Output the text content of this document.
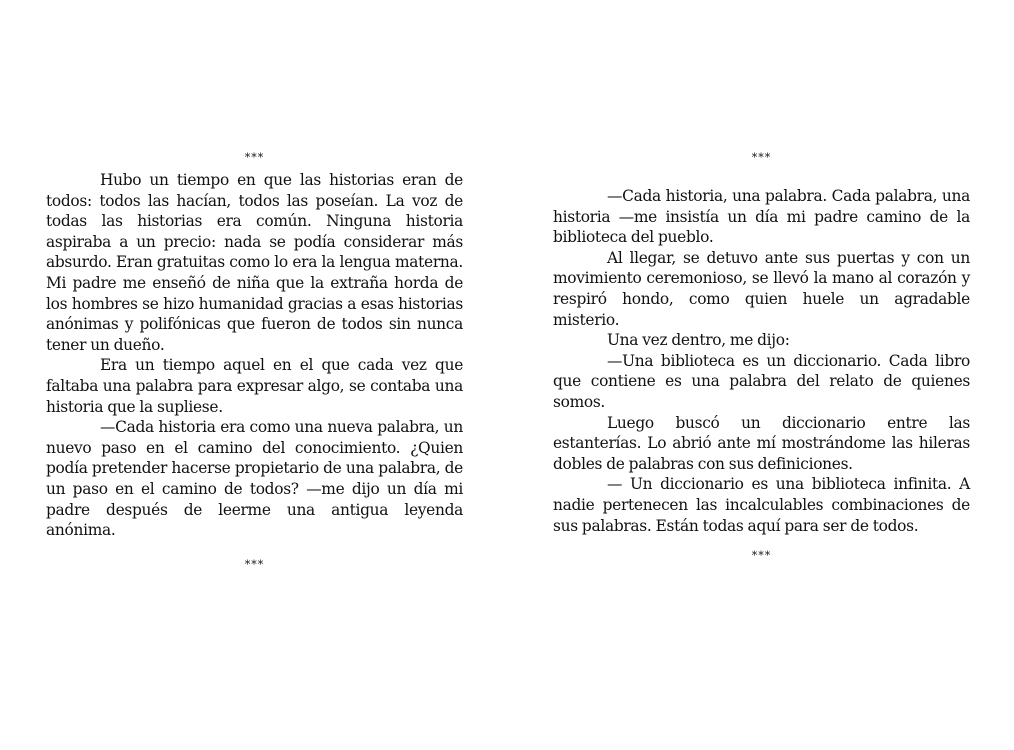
***

Hubo un tiempo en que las historias eran de todos: todos las hacían, todos las poseían. La voz de todas las historias era común. Ninguna historia aspiraba a un precio: nada se podía considerar más absurdo. Eran gratuitas como lo era la lengua materna. Mi padre me enseñó de niña que la extraña horda de los hombres se hizo humanidad gracias a esas historias anónimas y polifónicas que fueron de todos sin nunca tener un dueño.

Era un tiempo aquel en el que cada vez que faltaba una palabra para expresar algo, se contaba una historia que la supliese.

—Cada historia era como una nueva palabra, un nuevo paso en el camino del conocimiento. ¿Quien podía pretender hacerse propietario de una palabra, de un paso en el camino de todos? —me dijo un día mi padre después de leerme una antigua leyenda anónima.

***
***

—Cada historia, una palabra. Cada palabra, una historia —me insistía un día mi padre camino de la biblioteca del pueblo.

Al llegar, se detuvo ante sus puertas y con un movimiento ceremonioso, se llevó la mano al corazón y respiró hondo, como quien huele un agradable misterio.

Una vez dentro, me dijo:

—Una biblioteca es un diccionario. Cada libro que contiene es una palabra del relato de quienes somos.

Luego buscó un diccionario entre las estanterías. Lo abrió ante mí mostrándome las hileras dobles de palabras con sus definiciones.

— Un diccionario es una biblioteca infinita. A nadie pertenecen las incalculables combinaciones de sus palabras. Están todas aquí para ser de todos.

***
